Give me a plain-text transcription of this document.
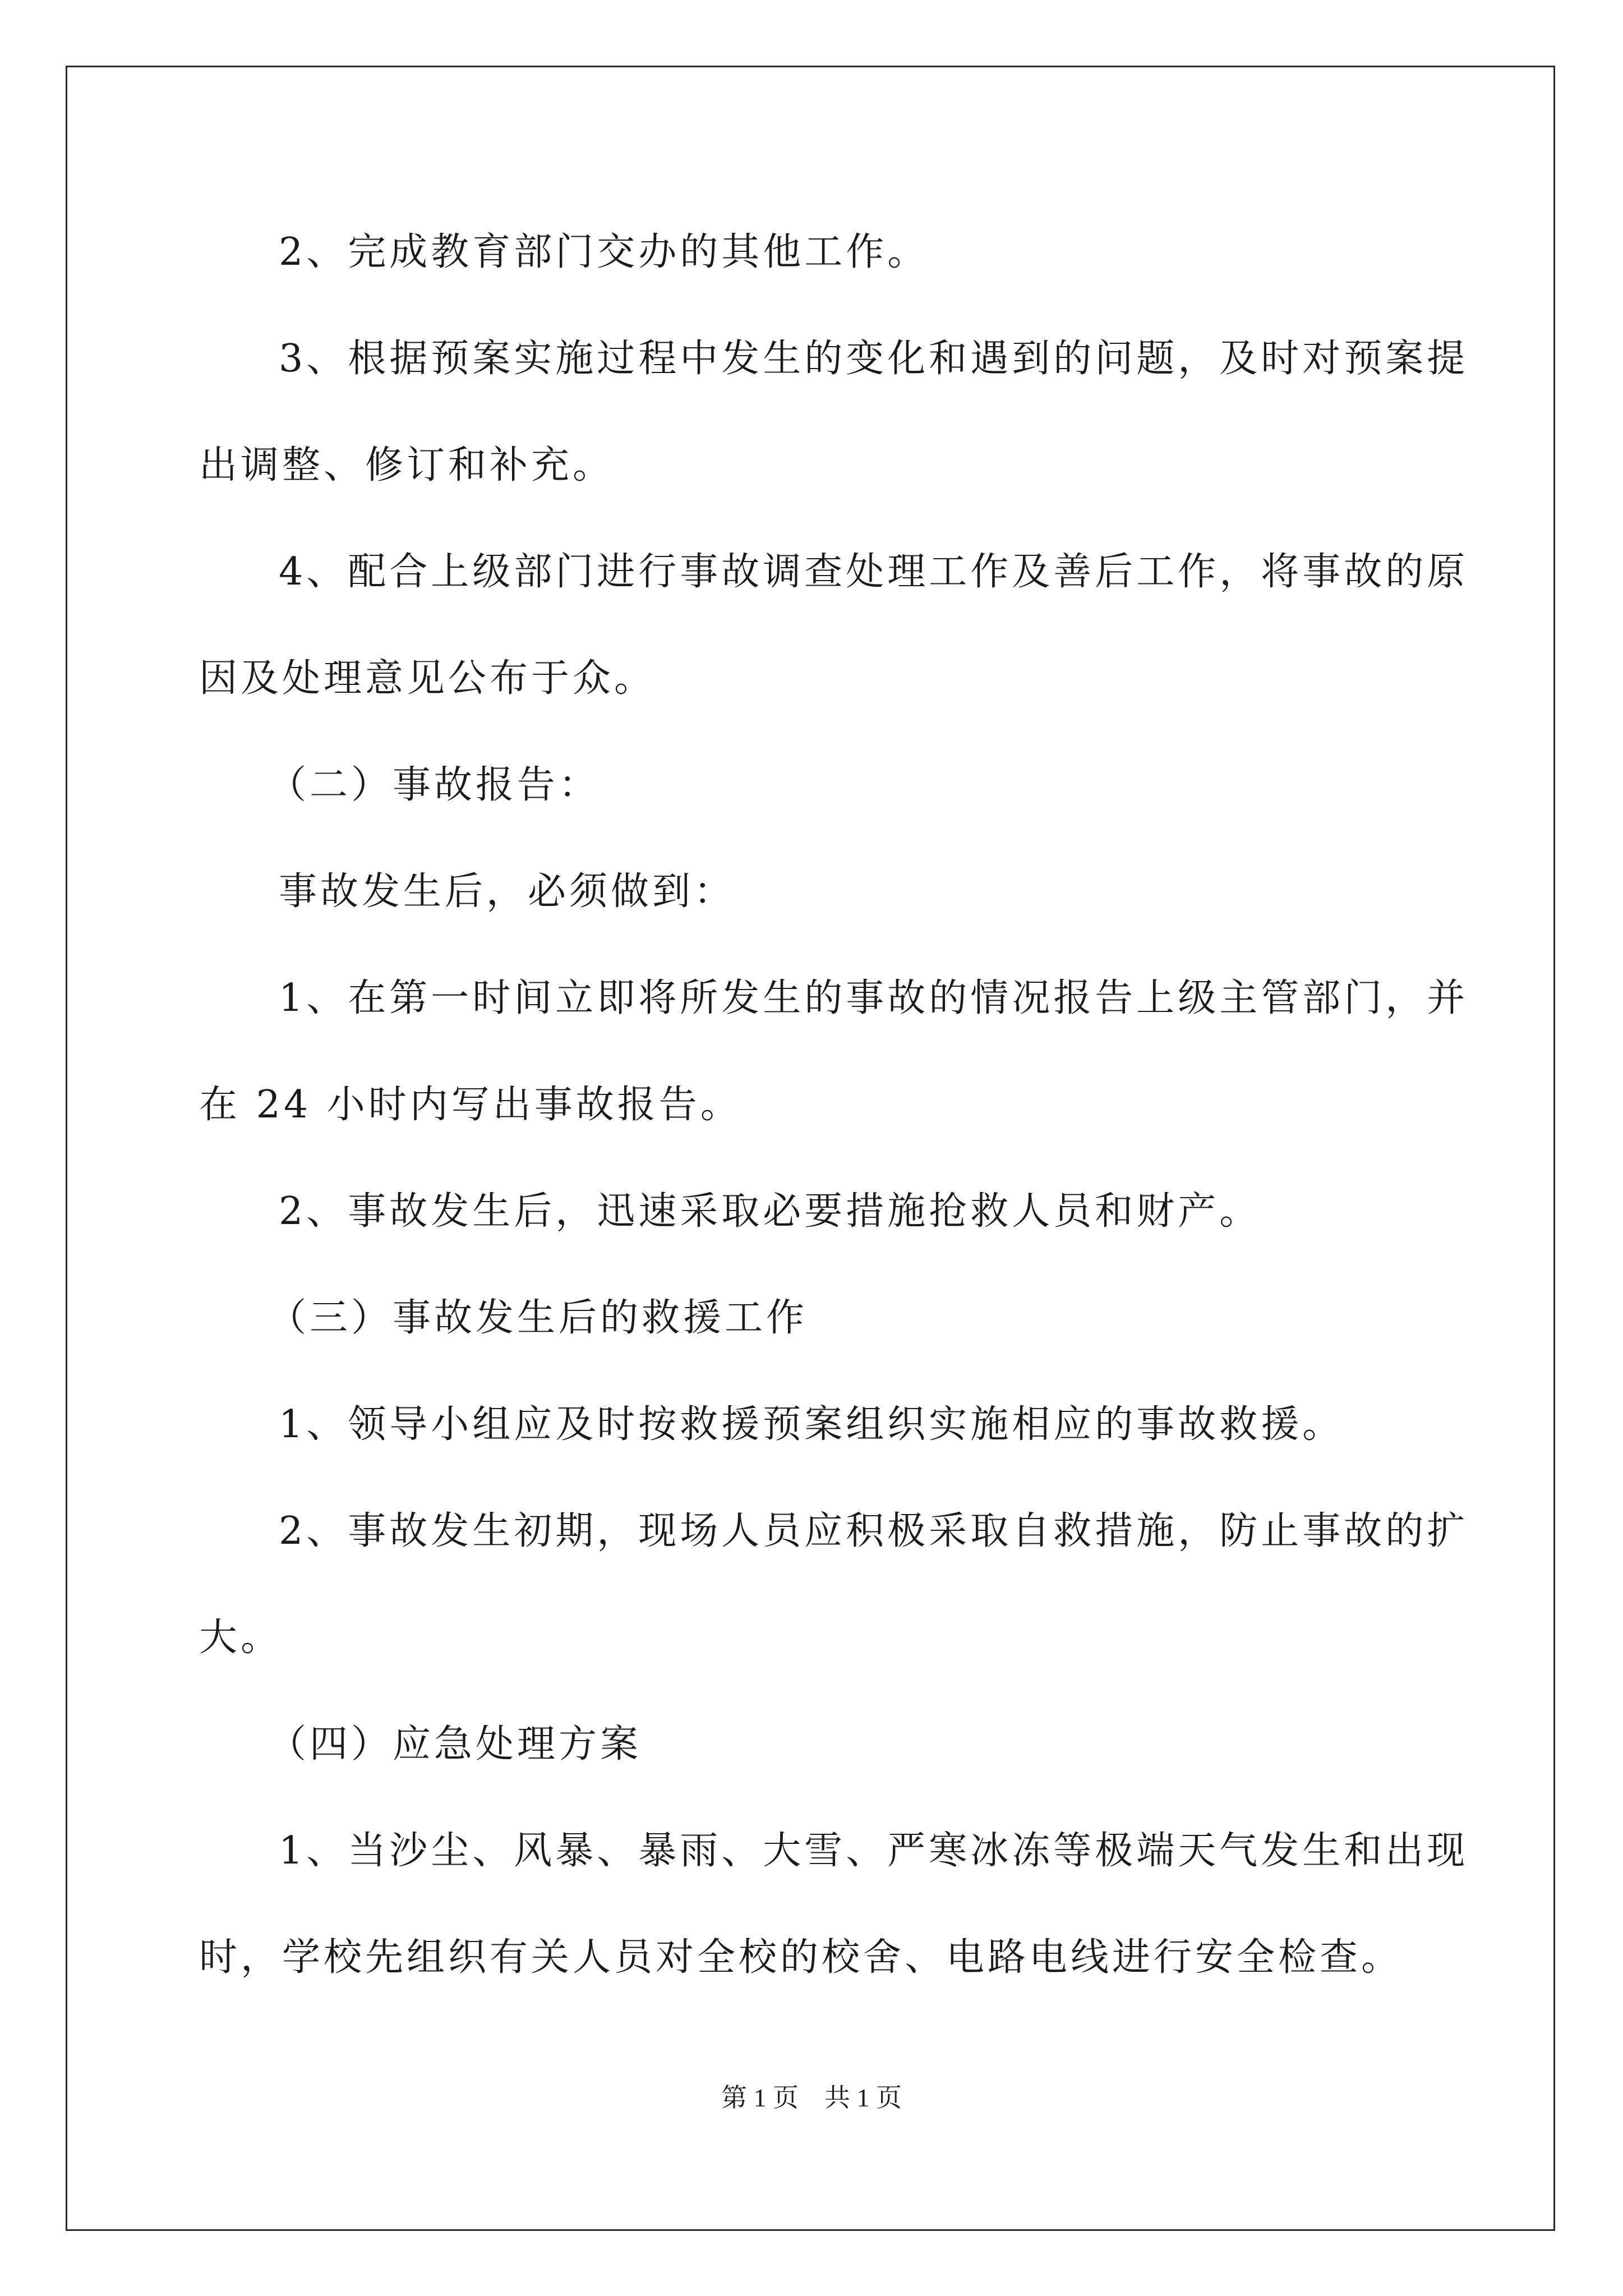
2、完成教育部门交办的其他工作。
3、根据预案实施过程中发生的变化和遇到的问题，及时对预案提
出调整、修订和补充。
4、配合上级部门进行事故调查处理工作及善后工作，将事故的原
因及处理意见公布于众。
（二）事故报告：
事故发生后，必须做到：
1、在第一时间立即将所发生的事故的情况报告上级主管部门，并
在 24 小时内写出事故报告。
2、事故发生后，迅速采取必要措施抢救人员和财产。
（三）事故发生后的救援工作
1、领导小组应及时按救援预案组织实施相应的事故救援。
2、事故发生初期，现场人员应积极采取自救措施，防止事故的扩
大。
（四）应急处理方案
1、当沙尘、风暴、暴雨、大雪、严寒冰冻等极端天气发生和出现
时，学校先组织有关人员对全校的校舍、电路电线进行安全检查。
第 1 页    共 1 页
